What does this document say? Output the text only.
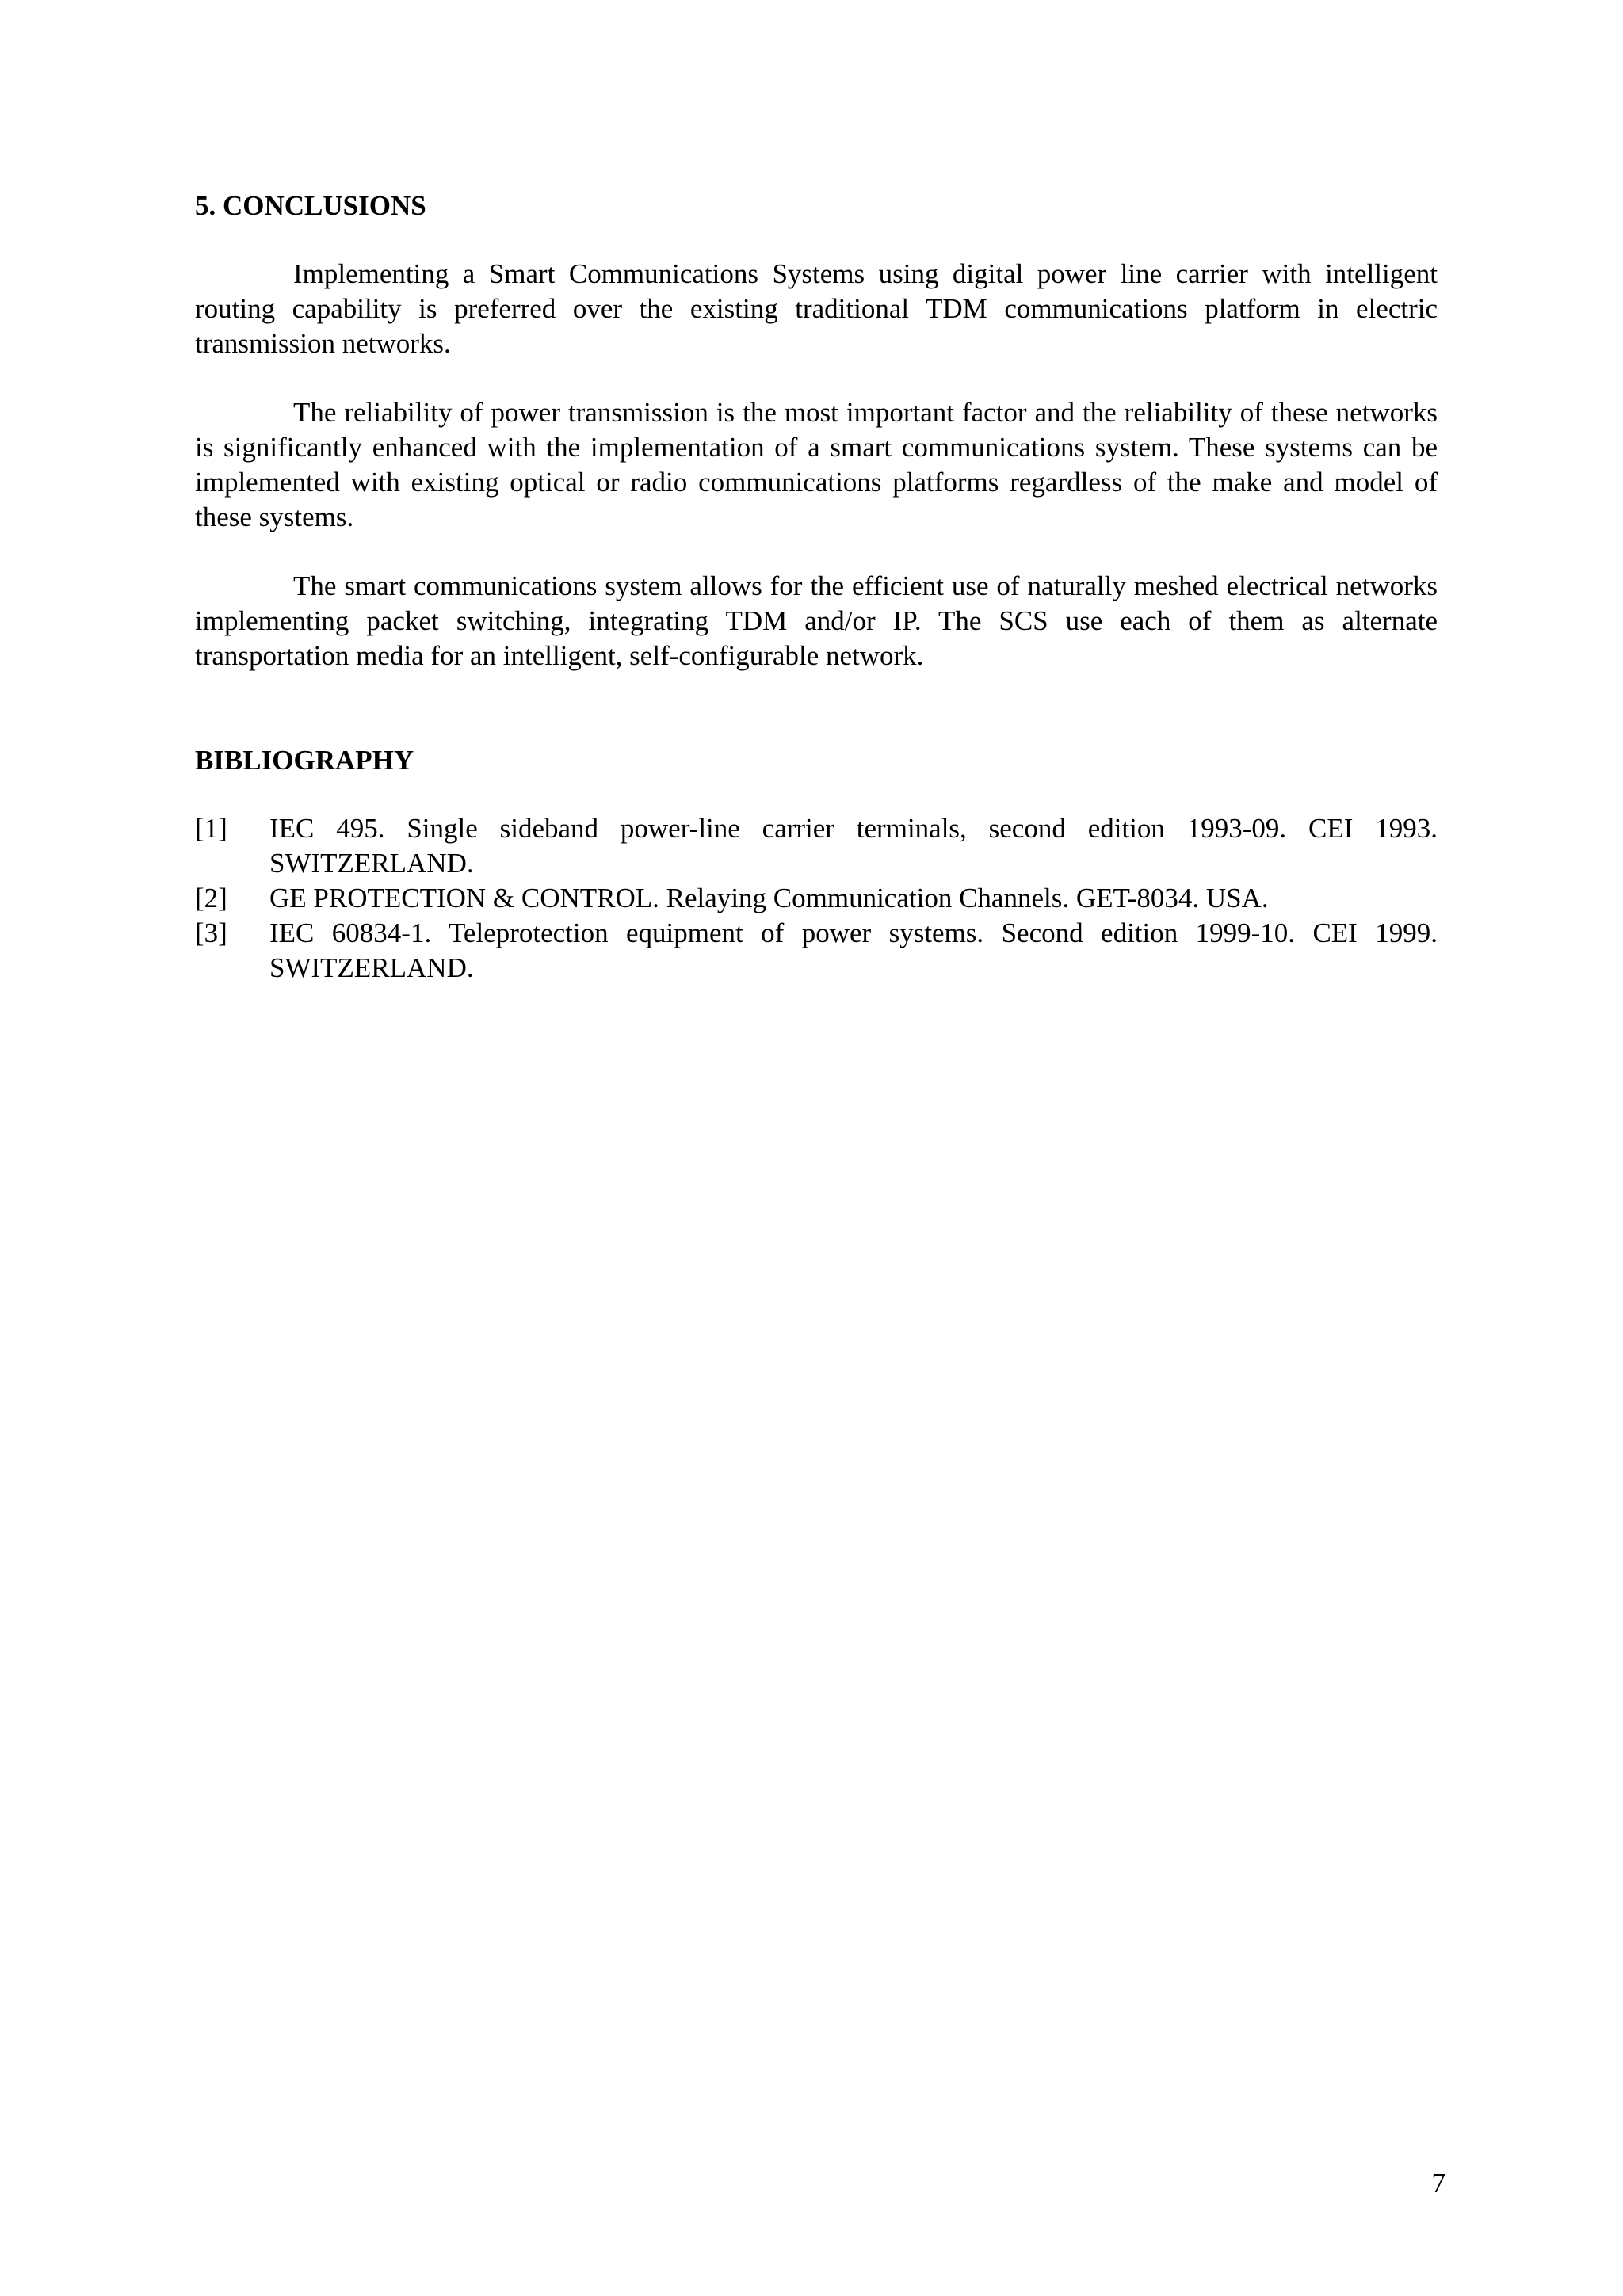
5. CONCLUSIONS

Implementing a Smart Communications Systems using digital power line carrier with intelligent routing capability is preferred over the existing traditional TDM communications platform in electric transmission networks.

The reliability of power transmission is the most important factor and the reliability of these networks is significantly enhanced with the implementation of a smart communications system. These systems can be implemented with existing optical or radio communications platforms regardless of the make and model of these systems.

The smart communications system allows for the efficient use of naturally meshed electrical networks implementing packet switching, integrating TDM and/or IP. The SCS use each of them as alternate transportation media for an intelligent, self-configurable network.

BIBLIOGRAPHY
[1]	IEC 495. Single sideband power-line carrier terminals, second edition 1993-09. CEI 1993. SWITZERLAND.
[2]	GE PROTECTION & CONTROL. Relaying Communication Channels. GET-8034. USA.
[3]	IEC 60834-1. Teleprotection equipment of power systems. Second edition 1999-10. CEI 1999. SWITZERLAND.
7
